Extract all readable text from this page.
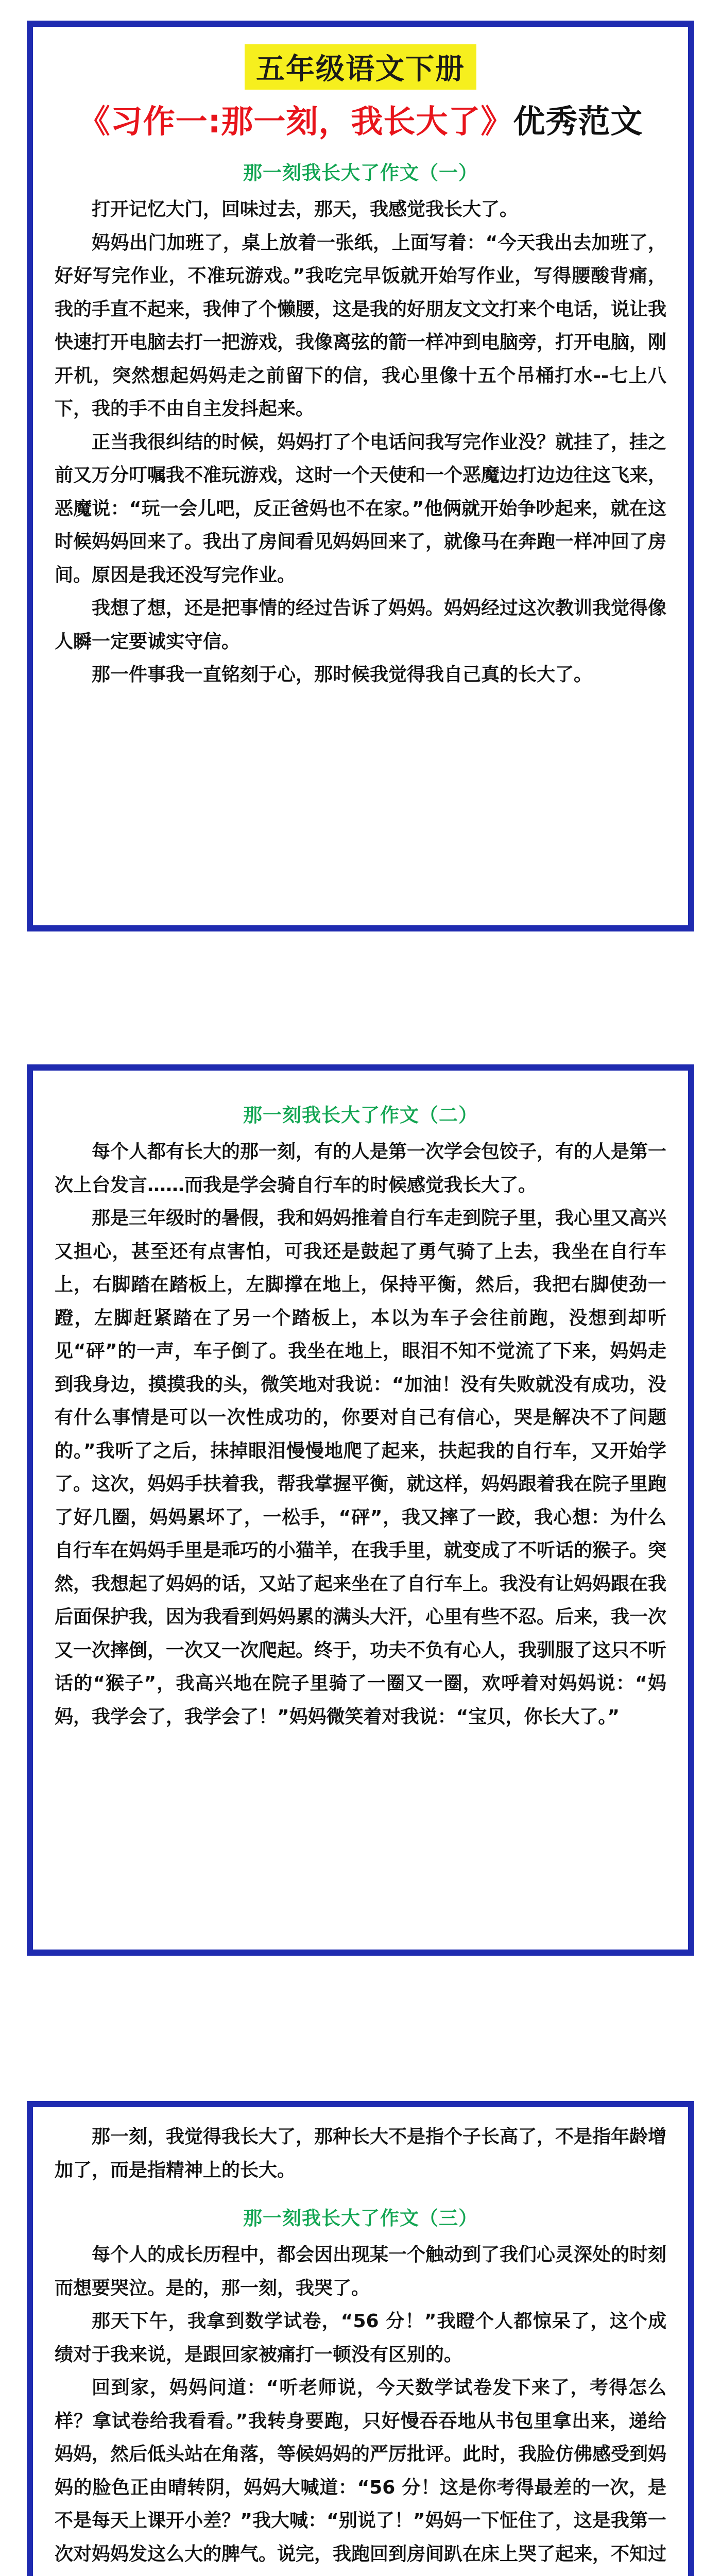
五年级语文下册
《习作一:那一刻，我长大了》优秀范文
那一刻我长大了作文（一）

打开记忆大门，回味过去，那天，我感觉我长大了。

妈妈出门加班了，桌上放着一张纸，上面写着：“今天我出去加班了，好好写完作业，不准玩游戏。”我吃完早饭就开始写作业，写得腰酸背痛，我的手直不起来，我伸了个懒腰，这是我的好朋友文文打来个电话，说让我快速打开电脑去打一把游戏，我像离弦的箭一样冲到电脑旁，打开电脑，刚开机，突然想起妈妈走之前留下的信，我心里像十五个吊桶打水--七上八下，我的手不由自主发抖起来。

正当我很纠结的时候，妈妈打了个电话问我写完作业没？就挂了，挂之前又万分叮嘱我不准玩游戏，这时一个天使和一个恶魔边打边边往这飞来，恶魔说：“玩一会儿吧，反正爸妈也不在家。”他俩就开始争吵起来，就在这时候妈妈回来了。我出了房间看见妈妈回来了，就像马在奔跑一样冲回了房间。原因是我还没写完作业。

我想了想，还是把事情的经过告诉了妈妈。妈妈经过这次教训我觉得像人瞬一定要诚实守信。

那一件事我一直铭刻于心，那时候我觉得我自己真的长大了。

那一刻我长大了作文（二）

每个人都有长大的那一刻，有的人是第一次学会包饺子，有的人是第一次上台发言……而我是学会骑自行车的时候感觉我长大了。

那是三年级时的暑假，我和妈妈推着自行车走到院子里，我心里又高兴又担心，甚至还有点害怕，可我还是鼓起了勇气骑了上去，我坐在自行车上，右脚踏在踏板上，左脚撑在地上，保持平衡，然后，我把右脚使劲一蹬，左脚赶紧踏在了另一个踏板上，本以为车子会往前跑，没想到却听见“砰”的一声，车子倒了。我坐在地上，眼泪不知不觉流了下来，妈妈走到我身边，摸摸我的头，微笑地对我说：“加油！没有失败就没有成功，没有什么事情是可以一次性成功的，你要对自己有信心，哭是解决不了问题的。”我听了之后，抹掉眼泪慢慢地爬了起来，扶起我的自行车，又开始学了。这次，妈妈手扶着我，帮我掌握平衡，就这样，妈妈跟着我在院子里跑了好几圈，妈妈累坏了，一松手，“砰”，我又摔了一跤，我心想：为什么自行车在妈妈手里是乖巧的小猫羊，在我手里，就变成了不听话的猴子。突然，我想起了妈妈的话，又站了起来坐在了自行车上。我没有让妈妈跟在我后面保护我，因为我看到妈妈累的满头大汗，心里有些不忍。后来，我一次又一次摔倒，一次又一次爬起。终于，功夫不负有心人，我驯服了这只不听话的“猴子”，我高兴地在院子里骑了一圈又一圈，欢呼着对妈妈说：“妈妈，我学会了，我学会了！”妈妈微笑着对我说：“宝贝，你长大了。”

那一刻，我觉得我长大了，那种长大不是指个子长高了，不是指年龄增加了，而是指精神上的长大。

那一刻我长大了作文（三）

每个人的成长历程中，都会因出现某一个触动到了我们心灵深处的时刻而想要哭泣。是的，那一刻，我哭了。

那天下午，我拿到数学试卷，“56 分！”我瞪个人都惊呆了，这个成绩对于我来说，是跟回家被痛打一顿没有区别的。

回到家，妈妈问道：“听老师说，今天数学试卷发下来了，考得怎么样？拿试卷给我看看。”我转身要跑，只好慢吞吞地从书包里拿出来，递给妈妈，然后低头站在角落，等候妈妈的严厉批评。此时，我脸仿佛感受到妈妈的脸色正由晴转阴，妈妈大喊道：“56 分！这是你考得最差的一次，是不是每天上课开小差？”我大喊：“别说了！”妈妈一下怔住了，这是我第一次对妈妈发这么大的脾气。说完，我跑回到房间趴在床上哭了起来，不知过
